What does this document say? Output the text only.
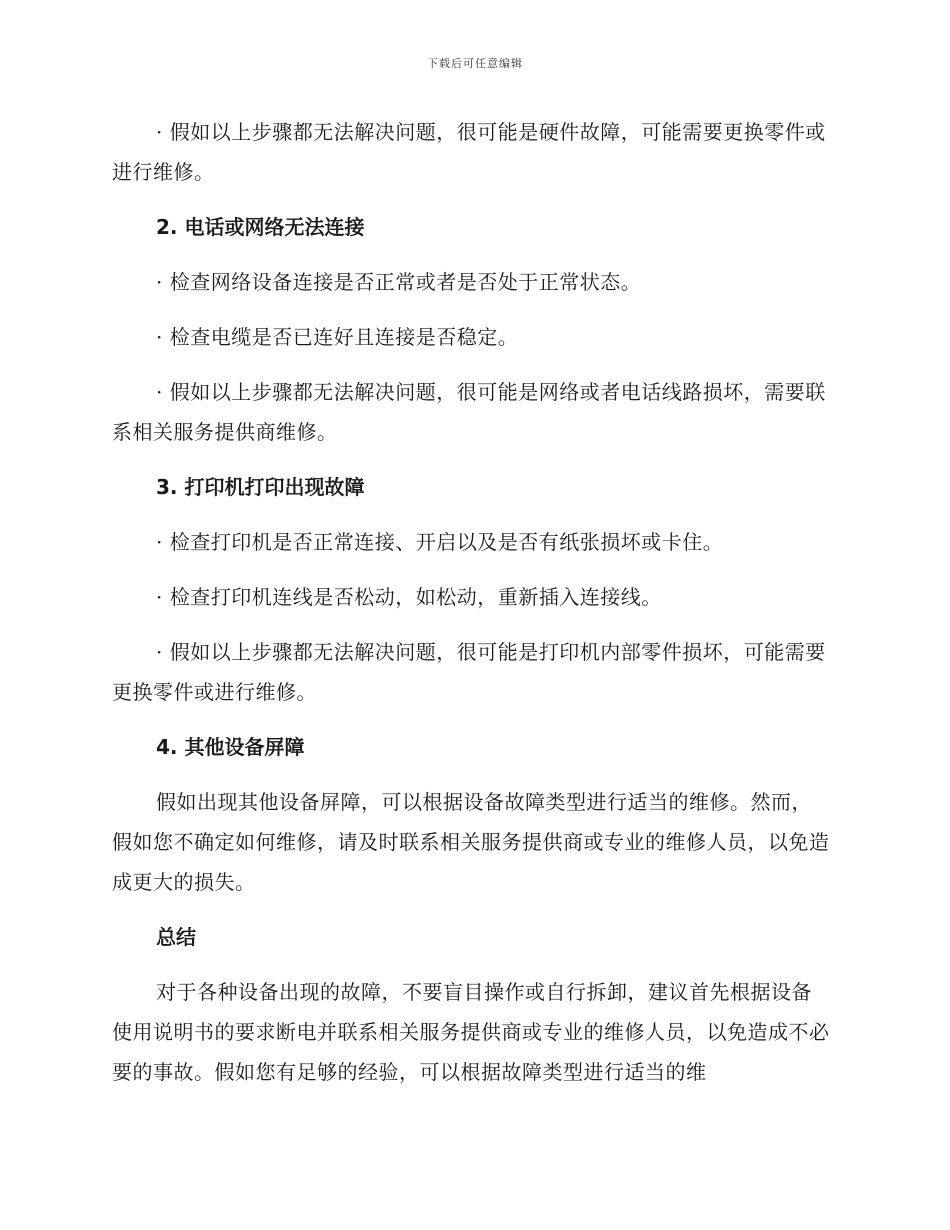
下载后可任意编辑

· 假如以上步骤都无法解决问题，很可能是硬件故障，可能需要更换零件或进行维修。

2. 电话或网络无法连接

· 检查网络设备连接是否正常或者是否处于正常状态。

· 检查电缆是否已连好且连接是否稳定。

· 假如以上步骤都无法解决问题，很可能是网络或者电话线路损坏，需要联系相关服务提供商维修。

3. 打印机打印出现故障

· 检查打印机是否正常连接、开启以及是否有纸张损坏或卡住。

· 检查打印机连线是否松动，如松动，重新插入连接线。

· 假如以上步骤都无法解决问题，很可能是打印机内部零件损坏，可能需要更换零件或进行维修。

4. 其他设备屏障

假如出现其他设备屏障，可以根据设备故障类型进行适当的维修。然而，假如您不确定如何维修，请及时联系相关服务提供商或专业的维修人员，以免造成更大的损失。

总结

对于各种设备出现的故障，不要盲目操作或自行拆卸，建议首先根据设备使用说明书的要求断电并联系相关服务提供商或专业的维修人员，以免造成不必要的事故。假如您有足够的经验，可以根据故障类型进行适当的维
